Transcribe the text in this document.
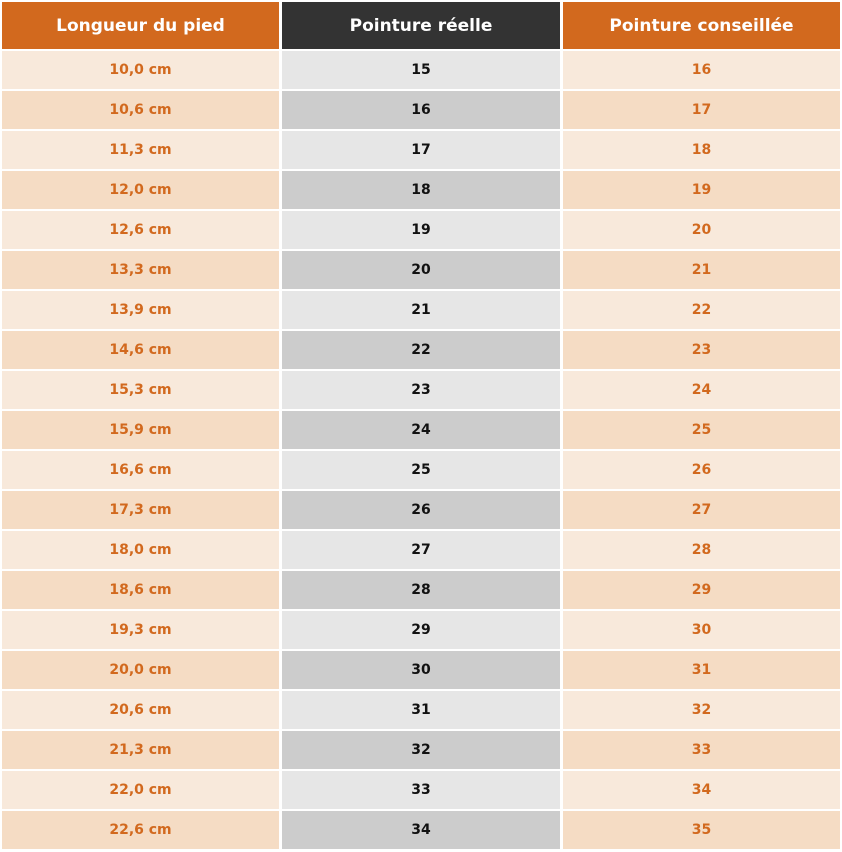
Longueur du pied	Pointure réelle	Pointure conseillée
10,0 cm	15	16
10,6 cm	16	17
11,3 cm	17	18
12,0 cm	18	19
12,6 cm	19	20
13,3 cm	20	21
13,9 cm	21	22
14,6 cm	22	23
15,3 cm	23	24
15,9 cm	24	25
16,6 cm	25	26
17,3 cm	26	27
18,0 cm	27	28
18,6 cm	28	29
19,3 cm	29	30
20,0 cm	30	31
20,6 cm	31	32
21,3 cm	32	33
22,0 cm	33	34
22,6 cm	34	35
